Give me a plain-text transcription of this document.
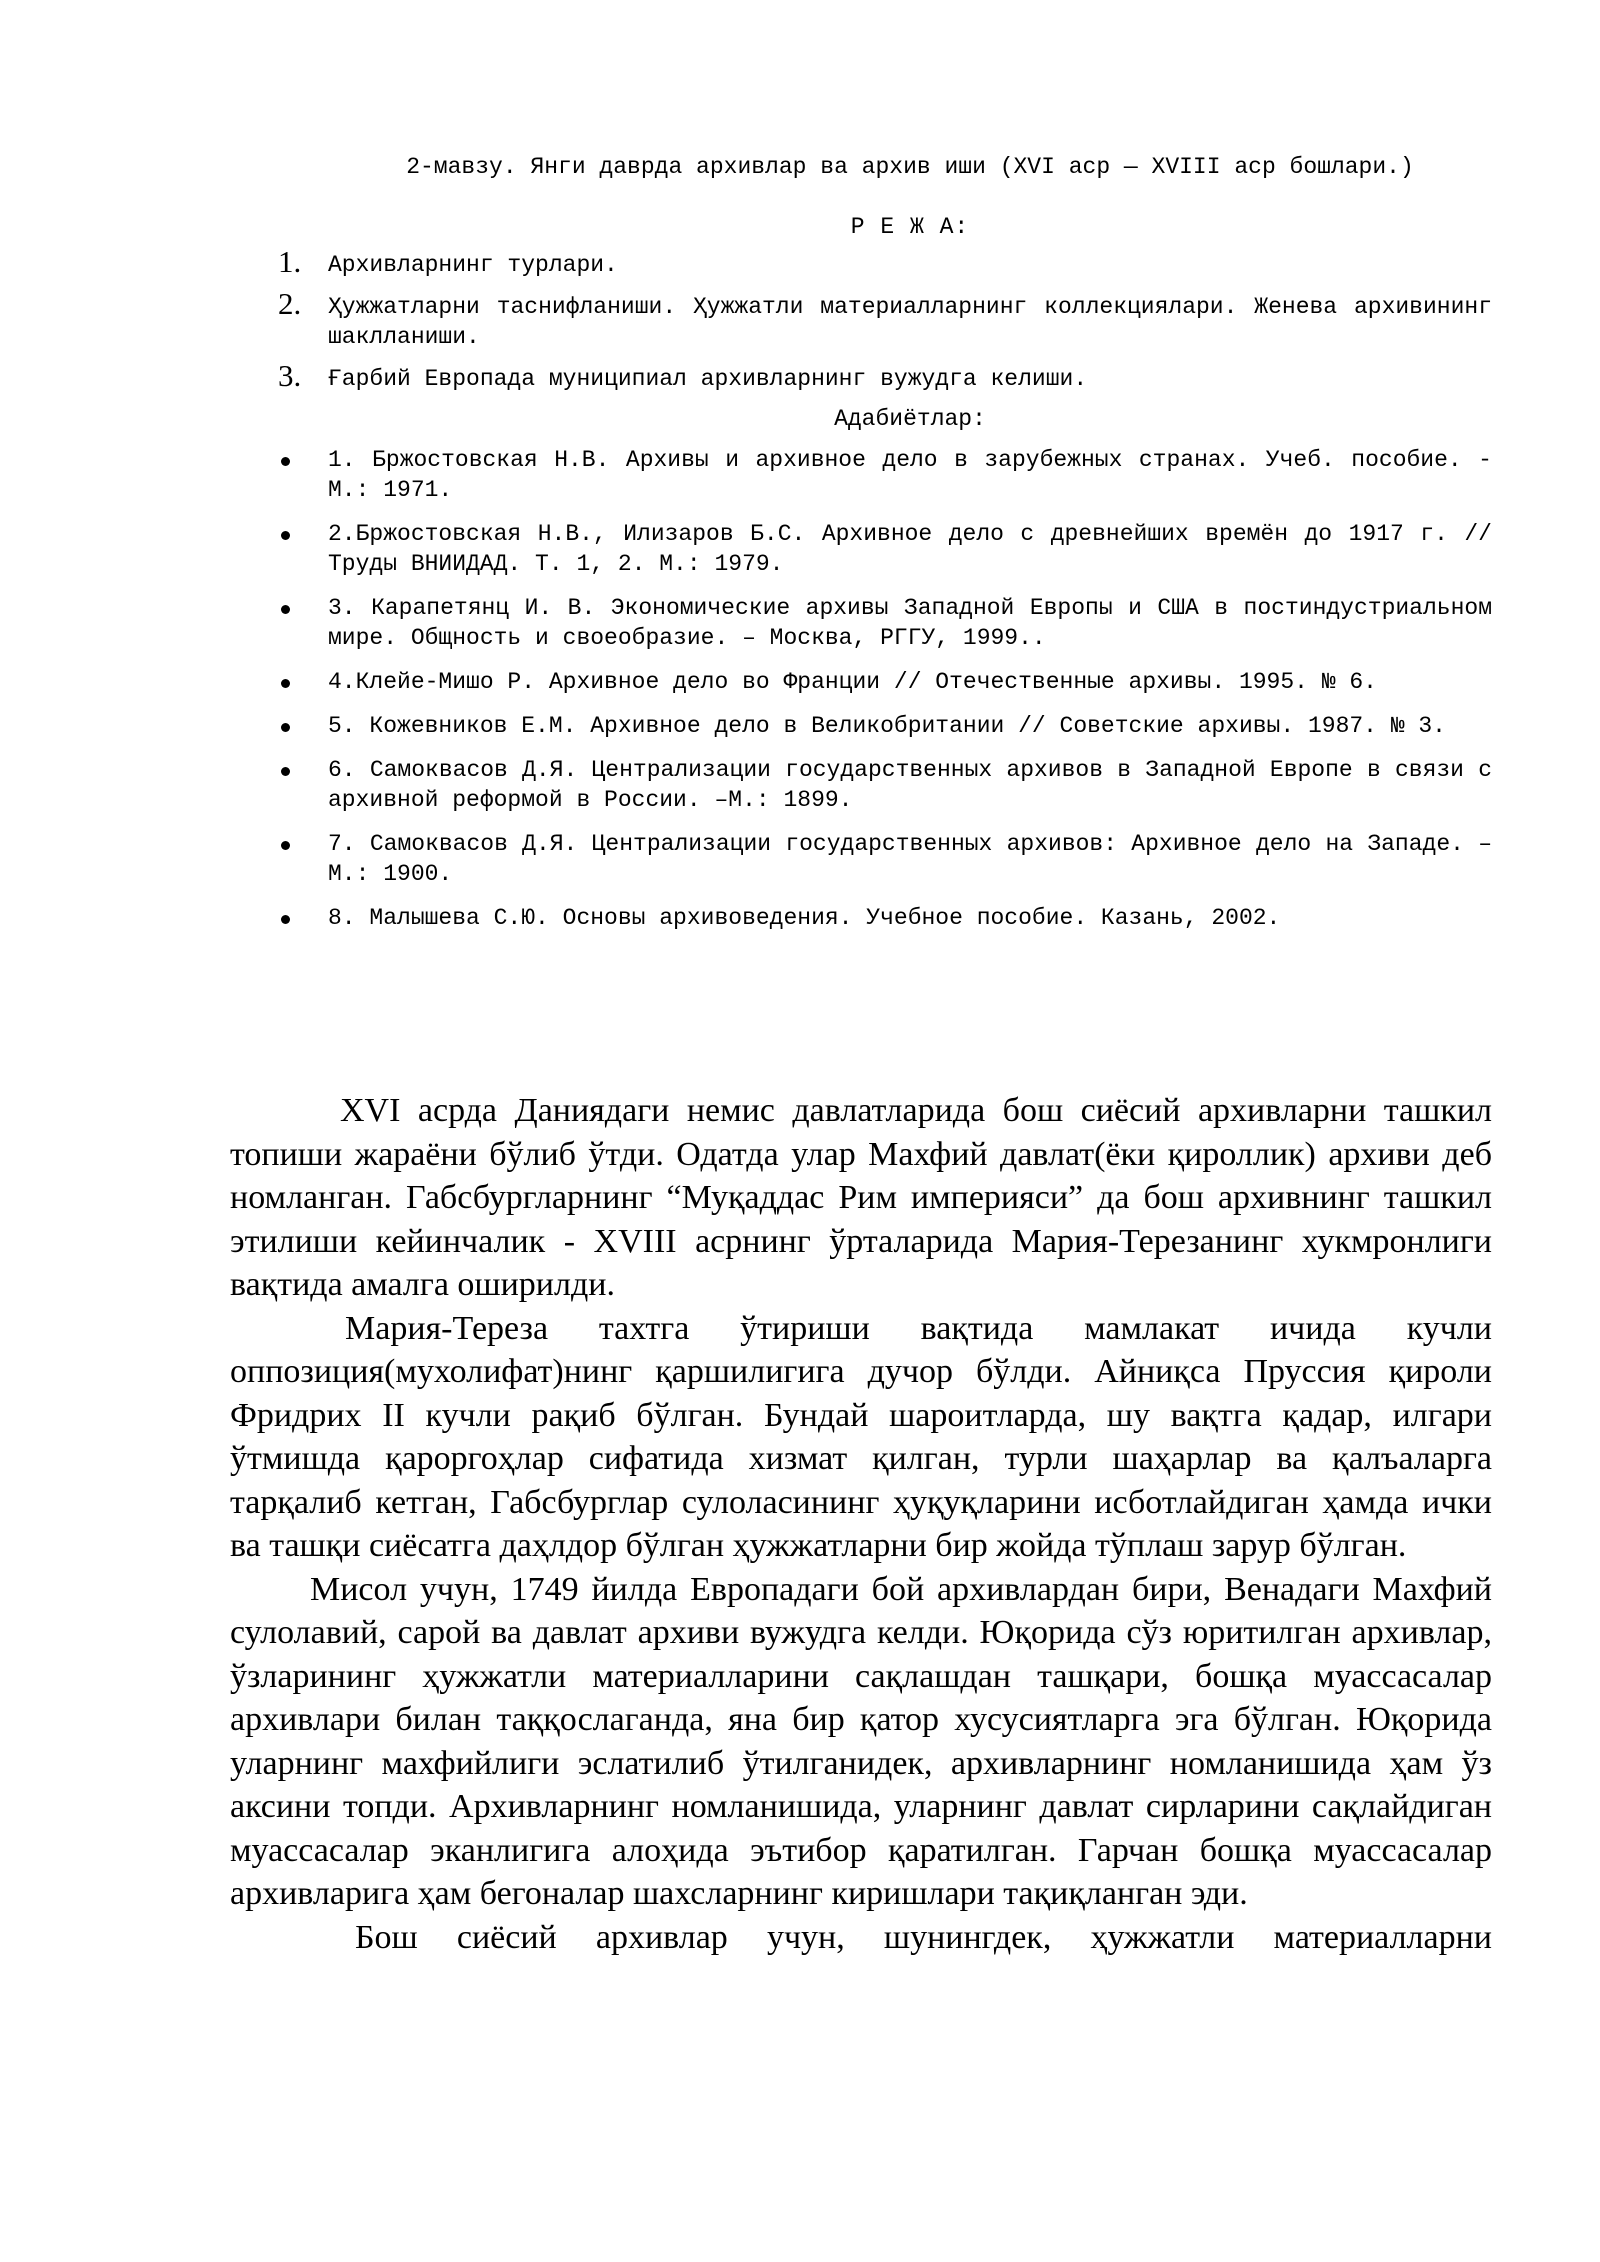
2-мавзу. Янги даврда архивлар ва архив иши (XVI аср — XVIII аср бошлари.)
Р Е Ж А:
1. Архивларнинг турлари.
2. Ҳужжатларни таснифланиши. Ҳужжатли материалларнинг коллекциялари. Женева архивининг шаклланиши.
3. Ғарбий Европада муниципиал архивларнинг вужудга келиши.
Адабиётлар:
1. Бржостовская Н.В. Архивы и архивное дело в зарубежных странах. Учеб. пособие. - М.: 1971.
2.Бржостовская Н.В., Илизаров Б.С. Архивное дело с древнейших времён до 1917 г. // Труды ВНИИДАД. Т. 1, 2. М.: 1979.
3. Карапетянц И. В. Экономические архивы Западной Европы и США в постиндустриальном мире. Общность и своеобразие. – Москва, РГГУ, 1999..
4.Клейе-Мишо Р. Архивное дело во Франции // Отечественные архивы. 1995. № 6.
5. Кожевников Е.М. Архивное дело в Великобритании // Советские архивы. 1987. № 3.
6. Самоквасов Д.Я. Централизации государственных архивов в Западной Европе в связи с архивной реформой в России. –М.: 1899.
7. Самоквасов Д.Я. Централизации государственных архивов: Архивное дело на Западе. –М.: 1900.
8. Малышева С.Ю. Основы архивоведения. Учебное пособие. Казань, 2002.

XVI асрда Даниядаги немис давлатларида бош сиёсий архивларни ташкил топиши жараёни бўлиб ўтди. Одатда улар Махфий давлат(ёки қироллик) архиви деб номланган. Габсбургларнинг “Муқаддас Рим империяси” да бош архивнинг ташкил этилиши кейинчалик - XVIII асрнинг ўрталарида Мария-Терезанинг хукмронлиги вақтида амалга оширилди.

Мария-Тереза тахтга ўтириши вақтида мамлакат ичида кучли оппозиция(мухолифат)нинг қаршилигига дучор бўлди. Айниқса Пруссия қироли Фридрих II кучли рақиб бўлган. Бундай шароитларда, шу вақтга қадар, илгари ўтмишда қароргоҳлар сифатида хизмат қилган, турли шаҳарлар ва қалъаларга тарқалиб кетган, Габсбурглар сулоласининг ҳуқуқларини исботлайдиган ҳамда ички ва ташқи сиёсатга даҳлдор бўлган ҳужжатларни бир жойда тўплаш зарур бўлган.

Мисол учун, 1749 йилда Европадаги бой архивлардан бири, Венадаги Махфий сулолавий, сарой ва давлат архиви вужудга келди. Юқорида сўз юритилган архивлар, ўзларининг ҳужжатли материалларини сақлашдан ташқари, бошқа муассасалар архивлари билан таққослаганда, яна бир қатор хусусиятларга эга бўлган. Юқорида уларнинг махфийлиги эслатилиб ўтилганидек, архивларнинг номланишида ҳам ўз аксини топди. Архивларнинг номланишида, уларнинг давлат сирларини сақлайдиган муассасалар эканлигига алоҳида эътибор қаратилган. Гарчан бошқа муассасалар архивларига ҳам бегоналар шахсларнинг киришлари тақиқланган эди.

Бош сиёсий архивлар учун, шунингдек, ҳужжатли материалларни
